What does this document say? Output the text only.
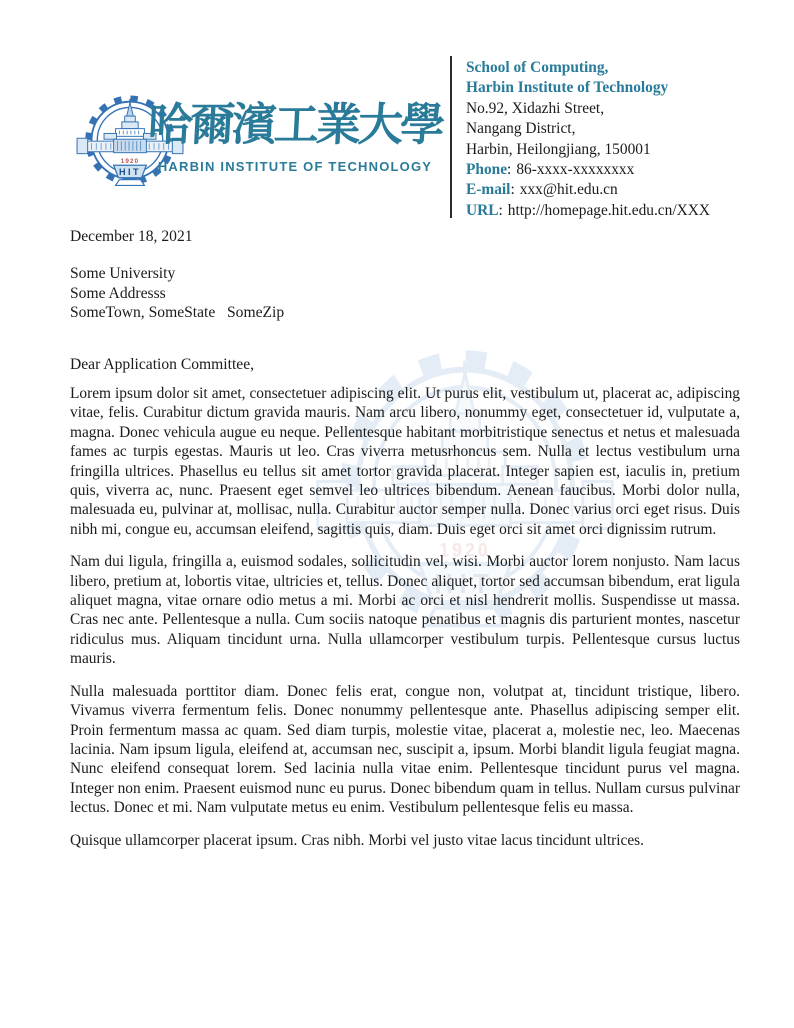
哈爾濱工業大學
HARBIN INSTITUTE OF TECHNOLOGY
School of Computing,
Harbin Institute of Technology
No.92, Xidazhi Street,
Nangang District,
Harbin, Heilongjiang, 150001
Phone: 86-xxxx-xxxxxxxx
E-mail: xxx@hit.edu.cn
URL: http://homepage.hit.edu.cn/XXX
December 18, 2021
Some University
Some Addresss
SomeTown, SomeState   SomeZip
Dear Application Committee,

Lorem ipsum dolor sit amet, consectetuer adipiscing elit. Ut purus elit, vestibulum ut, placerat ac, adipiscing vitae, felis. Curabitur dictum gravida mauris. Nam arcu libero, nonummy eget, consectetuer id, vulputate a, magna. Donec vehicula augue eu neque. Pellentesque habitant morbitristique senectus et netus et malesuada fames ac turpis egestas. Mauris ut leo. Cras viverra metusrhoncus sem. Nulla et lectus vestibulum urna fringilla ultrices. Phasellus eu tellus sit amet tortor gravida placerat. Integer sapien est, iaculis in, pretium quis, viverra ac, nunc. Praesent eget semvel leo ultrices bibendum. Aenean faucibus. Morbi dolor nulla, malesuada eu, pulvinar at, mollisac, nulla. Curabitur auctor semper nulla. Donec varius orci eget risus. Duis nibh mi, congue eu, accumsan eleifend, sagittis quis, diam. Duis eget orci sit amet orci dignissim rutrum.

Nam dui ligula, fringilla a, euismod sodales, sollicitudin vel, wisi. Morbi auctor lorem nonjusto. Nam lacus libero, pretium at, lobortis vitae, ultricies et, tellus. Donec aliquet, tortor sed accumsan bibendum, erat ligula aliquet magna, vitae ornare odio metus a mi. Morbi ac orci et nisl hendrerit mollis. Suspendisse ut massa. Cras nec ante. Pellentesque a nulla. Cum sociis natoque penatibus et magnis dis parturient montes, nascetur ridiculus mus. Aliquam tincidunt urna. Nulla ullamcorper vestibulum turpis. Pellentesque cursus luctus mauris.

Nulla malesuada porttitor diam. Donec felis erat, congue non, volutpat at, tincidunt tristique, libero. Vivamus viverra fermentum felis. Donec nonummy pellentesque ante. Phasellus adipiscing semper elit. Proin fermentum massa ac quam. Sed diam turpis, molestie vitae, placerat a, molestie nec, leo. Maecenas lacinia. Nam ipsum ligula, eleifend at, accumsan nec, suscipit a, ipsum. Morbi blandit ligula feugiat magna. Nunc eleifend consequat lorem. Sed lacinia nulla vitae enim. Pellentesque tincidunt purus vel magna. Integer non enim. Praesent euismod nunc eu purus. Donec bibendum quam in tellus. Nullam cursus pulvinar lectus. Donec et mi. Nam vulputate metus eu enim. Vestibulum pellentesque felis eu massa.

Quisque ullamcorper placerat ipsum. Cras nibh. Morbi vel justo vitae lacus tincidunt ultrices.
